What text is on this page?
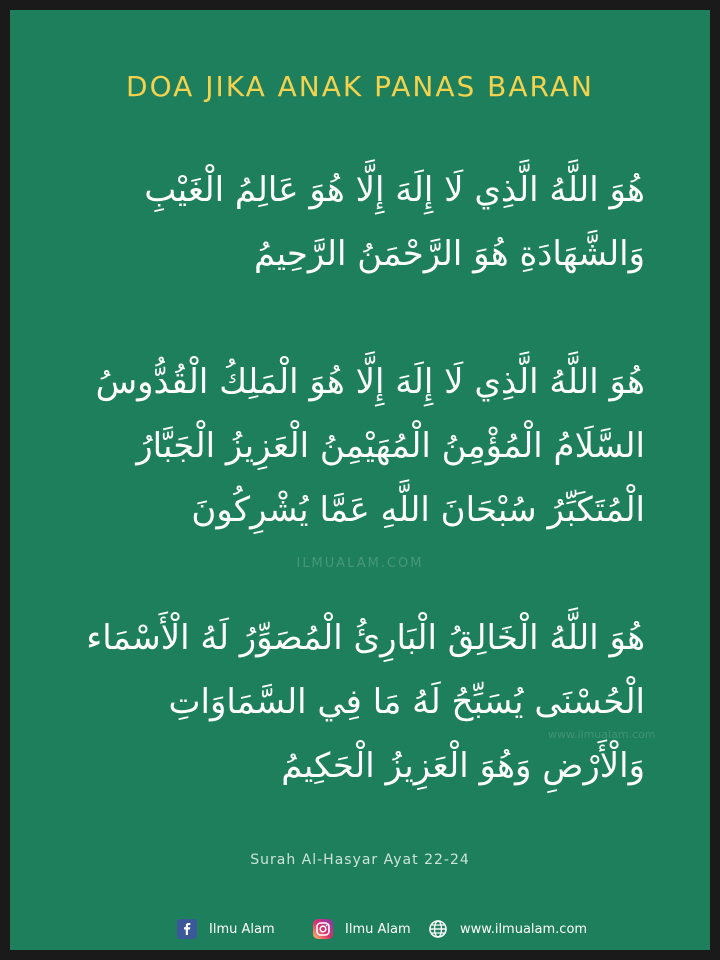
DOA JIKA ANAK PANAS BARAN
هُوَ اللَّهُ الَّذِي لَا إِلَهَ إِلَّا هُوَ عَالِمُ الْغَيْبِ
وَالشَّهَادَةِ هُوَ الرَّحْمَنُ الرَّحِيمُ
هُوَ اللَّهُ الَّذِي لَا إِلَهَ إِلَّا هُوَ الْمَلِكُ الْقُدُّوسُ
السَّلَامُ الْمُؤْمِنُ الْمُهَيْمِنُ الْعَزِيزُ الْجَبَّارُ
الْمُتَكَبِّرُ سُبْحَانَ اللَّهِ عَمَّا يُشْرِكُونَ
ILMUALAM.COM
هُوَ اللَّهُ الْخَالِقُ الْبَارِئُ الْمُصَوِّرُ لَهُ الْأَسْمَاء
الْحُسْنَى يُسَبِّحُ لَهُ مَا فِي السَّمَاوَاتِ
وَالْأَرْضِ وَهُوَ الْعَزِيزُ الْحَكِيمُ
www.ilmualam.com
Surah Al-Hasyar Ayat 22-24
Ilmu Alam	Ilmu Alam	www.ilmualam.com
